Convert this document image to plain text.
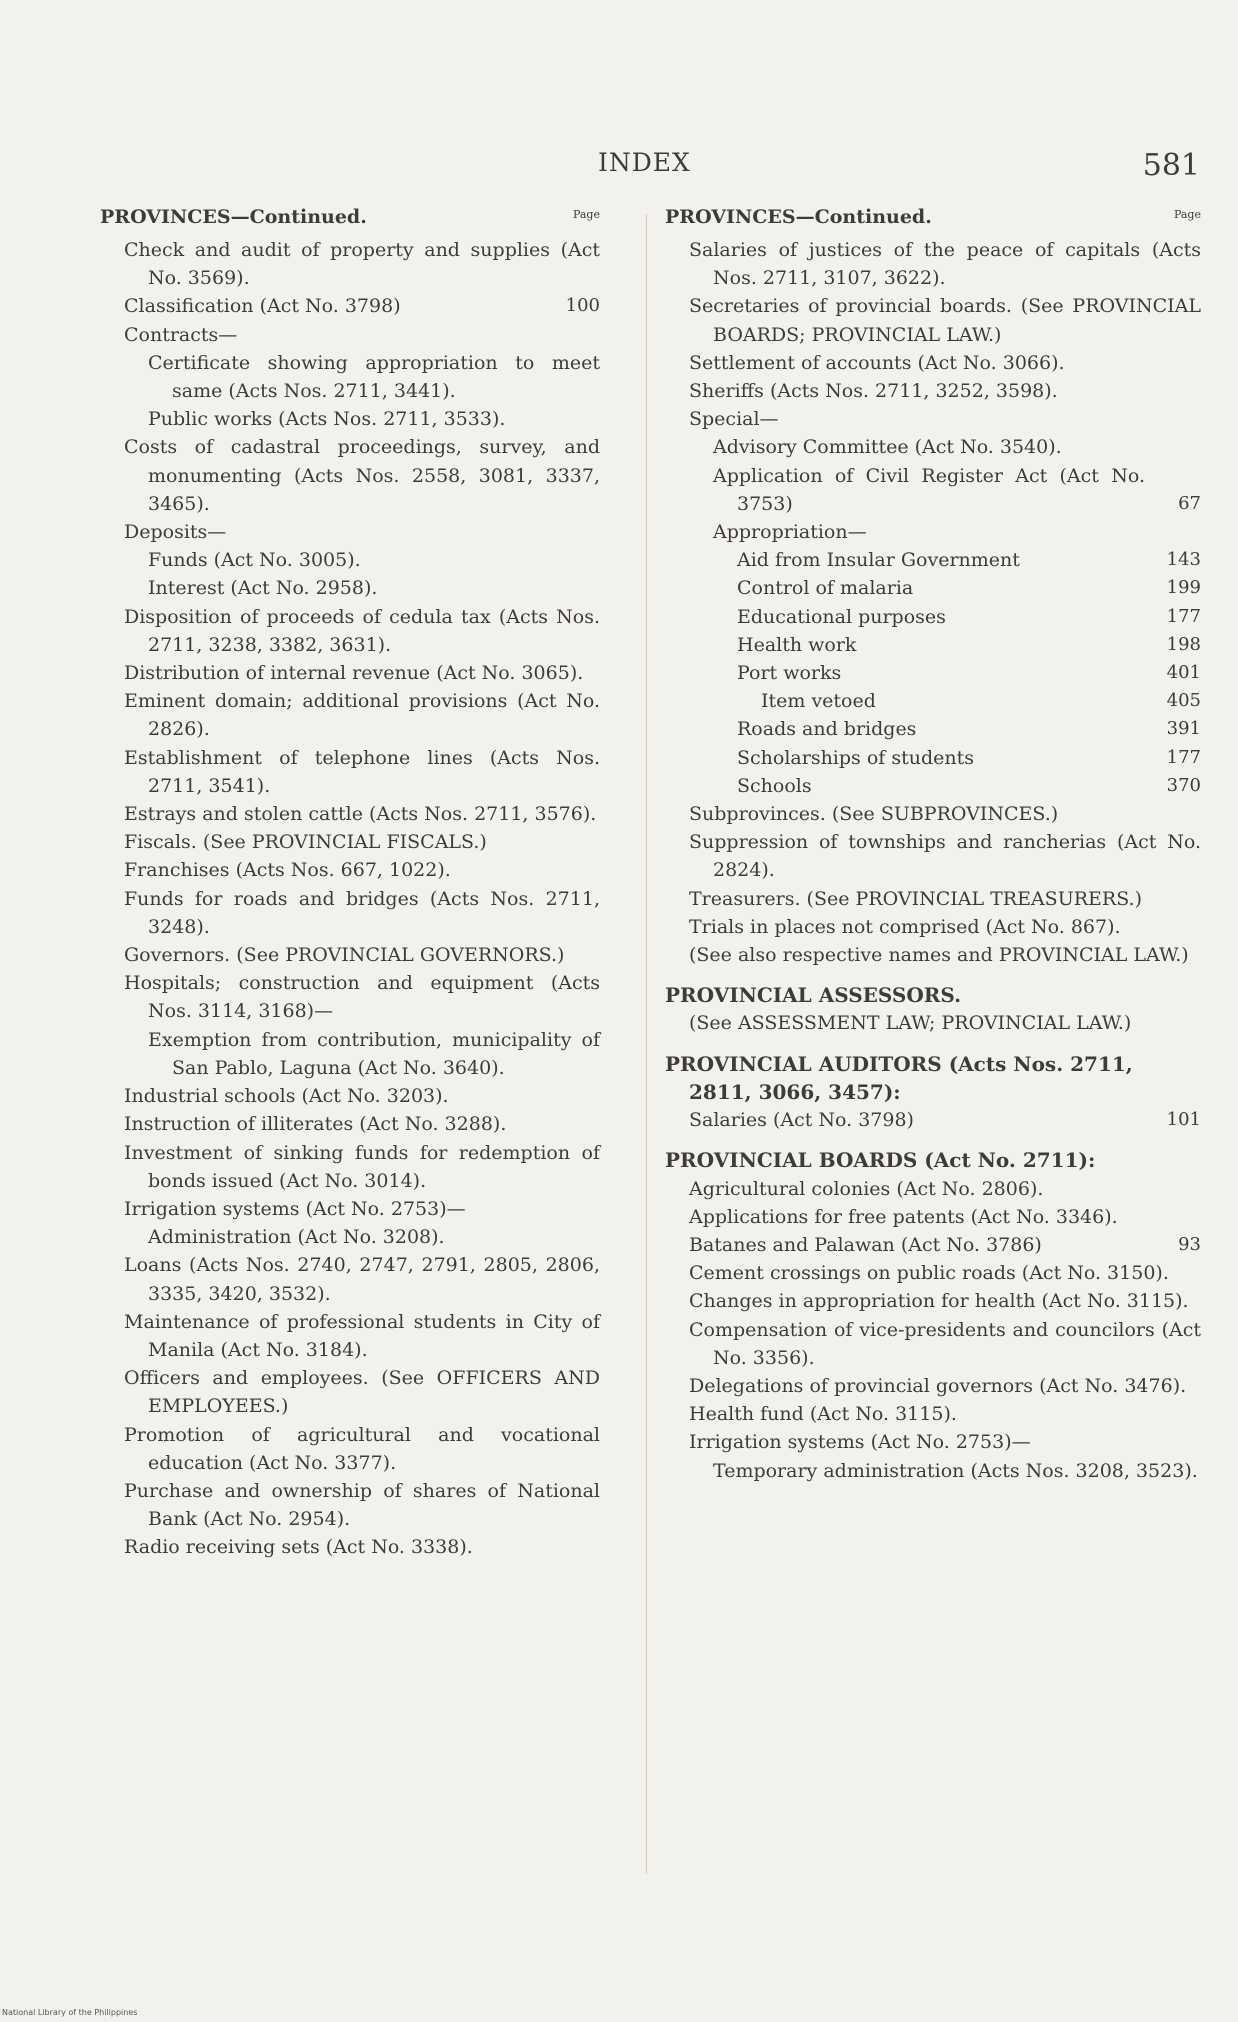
INDEX	581
PROVINCES—Continued.	Page
Check and audit of property and supplies (Act No. 3569).
Classification (Act No. 3798)	100
Contracts—
Certificate showing appropriation to meet same (Acts Nos. 2711, 3441).
Public works (Acts Nos. 2711, 3533).
Costs of cadastral proceedings, survey, and monumenting (Acts Nos. 2558, 3081, 3337, 3465).
Deposits—
Funds (Act No. 3005).
Interest (Act No. 2958).
Disposition of proceeds of cedula tax (Acts Nos. 2711, 3238, 3382, 3631).
Distribution of internal revenue (Act No. 3065).
Eminent domain; additional provisions (Act No. 2826).
Establishment of telephone lines (Acts Nos. 2711, 3541).
Estrays and stolen cattle (Acts Nos. 2711, 3576).
Fiscals. (See PROVINCIAL FISCALS.)
Franchises (Acts Nos. 667, 1022).
Funds for roads and bridges (Acts Nos. 2711, 3248).
Governors. (See PROVINCIAL GOVERNORS.)
Hospitals; construction and equipment (Acts Nos. 3114, 3168)—
Exemption from contribution, municipality of San Pablo, Laguna (Act No. 3640).
Industrial schools (Act No. 3203).
Instruction of illiterates (Act No. 3288).
Investment of sinking funds for redemption of bonds issued (Act No. 3014).
Irrigation systems (Act No. 2753)—
Administration (Act No. 3208).
Loans (Acts Nos. 2740, 2747, 2791, 2805, 2806, 3335, 3420, 3532).
Maintenance of professional students in City of Manila (Act No. 3184).
Officers and employees. (See OFFICERS AND EMPLOYEES.)
Promotion of agricultural and vocational education (Act No. 3377).
Purchase and ownership of shares of National Bank (Act No. 2954).
Radio receiving sets (Act No. 3338).
PROVINCES—Continued.	Page
Salaries of justices of the peace of capitals (Acts Nos. 2711, 3107, 3622).
Secretaries of provincial boards. (See PROVINCIAL BOARDS; PROVINCIAL LAW.)
Settlement of accounts (Act No. 3066).
Sheriffs (Acts Nos. 2711, 3252, 3598).
Special—
Advisory Committee (Act No. 3540).
Application of Civil Register Act (Act No. 3753)	67
Appropriation—
Aid from Insular Government	143
Control of malaria	199
Educational purposes	177
Health work	198
Port works	401
Item vetoed	405
Roads and bridges	391
Scholarships of students	177
Schools	370
Subprovinces. (See SUBPROVINCES.)
Suppression of townships and rancherias (Act No. 2824).
Treasurers. (See PROVINCIAL TREASURERS.)
Trials in places not comprised (Act No. 867).
(See also respective names and PROVINCIAL LAW.)
PROVINCIAL ASSESSORS.
(See ASSESSMENT LAW; PROVINCIAL LAW.)
PROVINCIAL AUDITORS (Acts Nos. 2711, 2811, 3066, 3457):
Salaries (Act No. 3798)	101
PROVINCIAL BOARDS (Act No. 2711):
Agricultural colonies (Act No. 2806).
Applications for free patents (Act No. 3346).
Batanes and Palawan (Act No. 3786)	93
Cement crossings on public roads (Act No. 3150).
Changes in appropriation for health (Act No. 3115).
Compensation of vice-presidents and councilors (Act No. 3356).
Delegations of provincial governors (Act No. 3476).
Health fund (Act No. 3115).
Irrigation systems (Act No. 2753)—
Temporary administration (Acts Nos. 3208, 3523).
National Library of the Philippines
